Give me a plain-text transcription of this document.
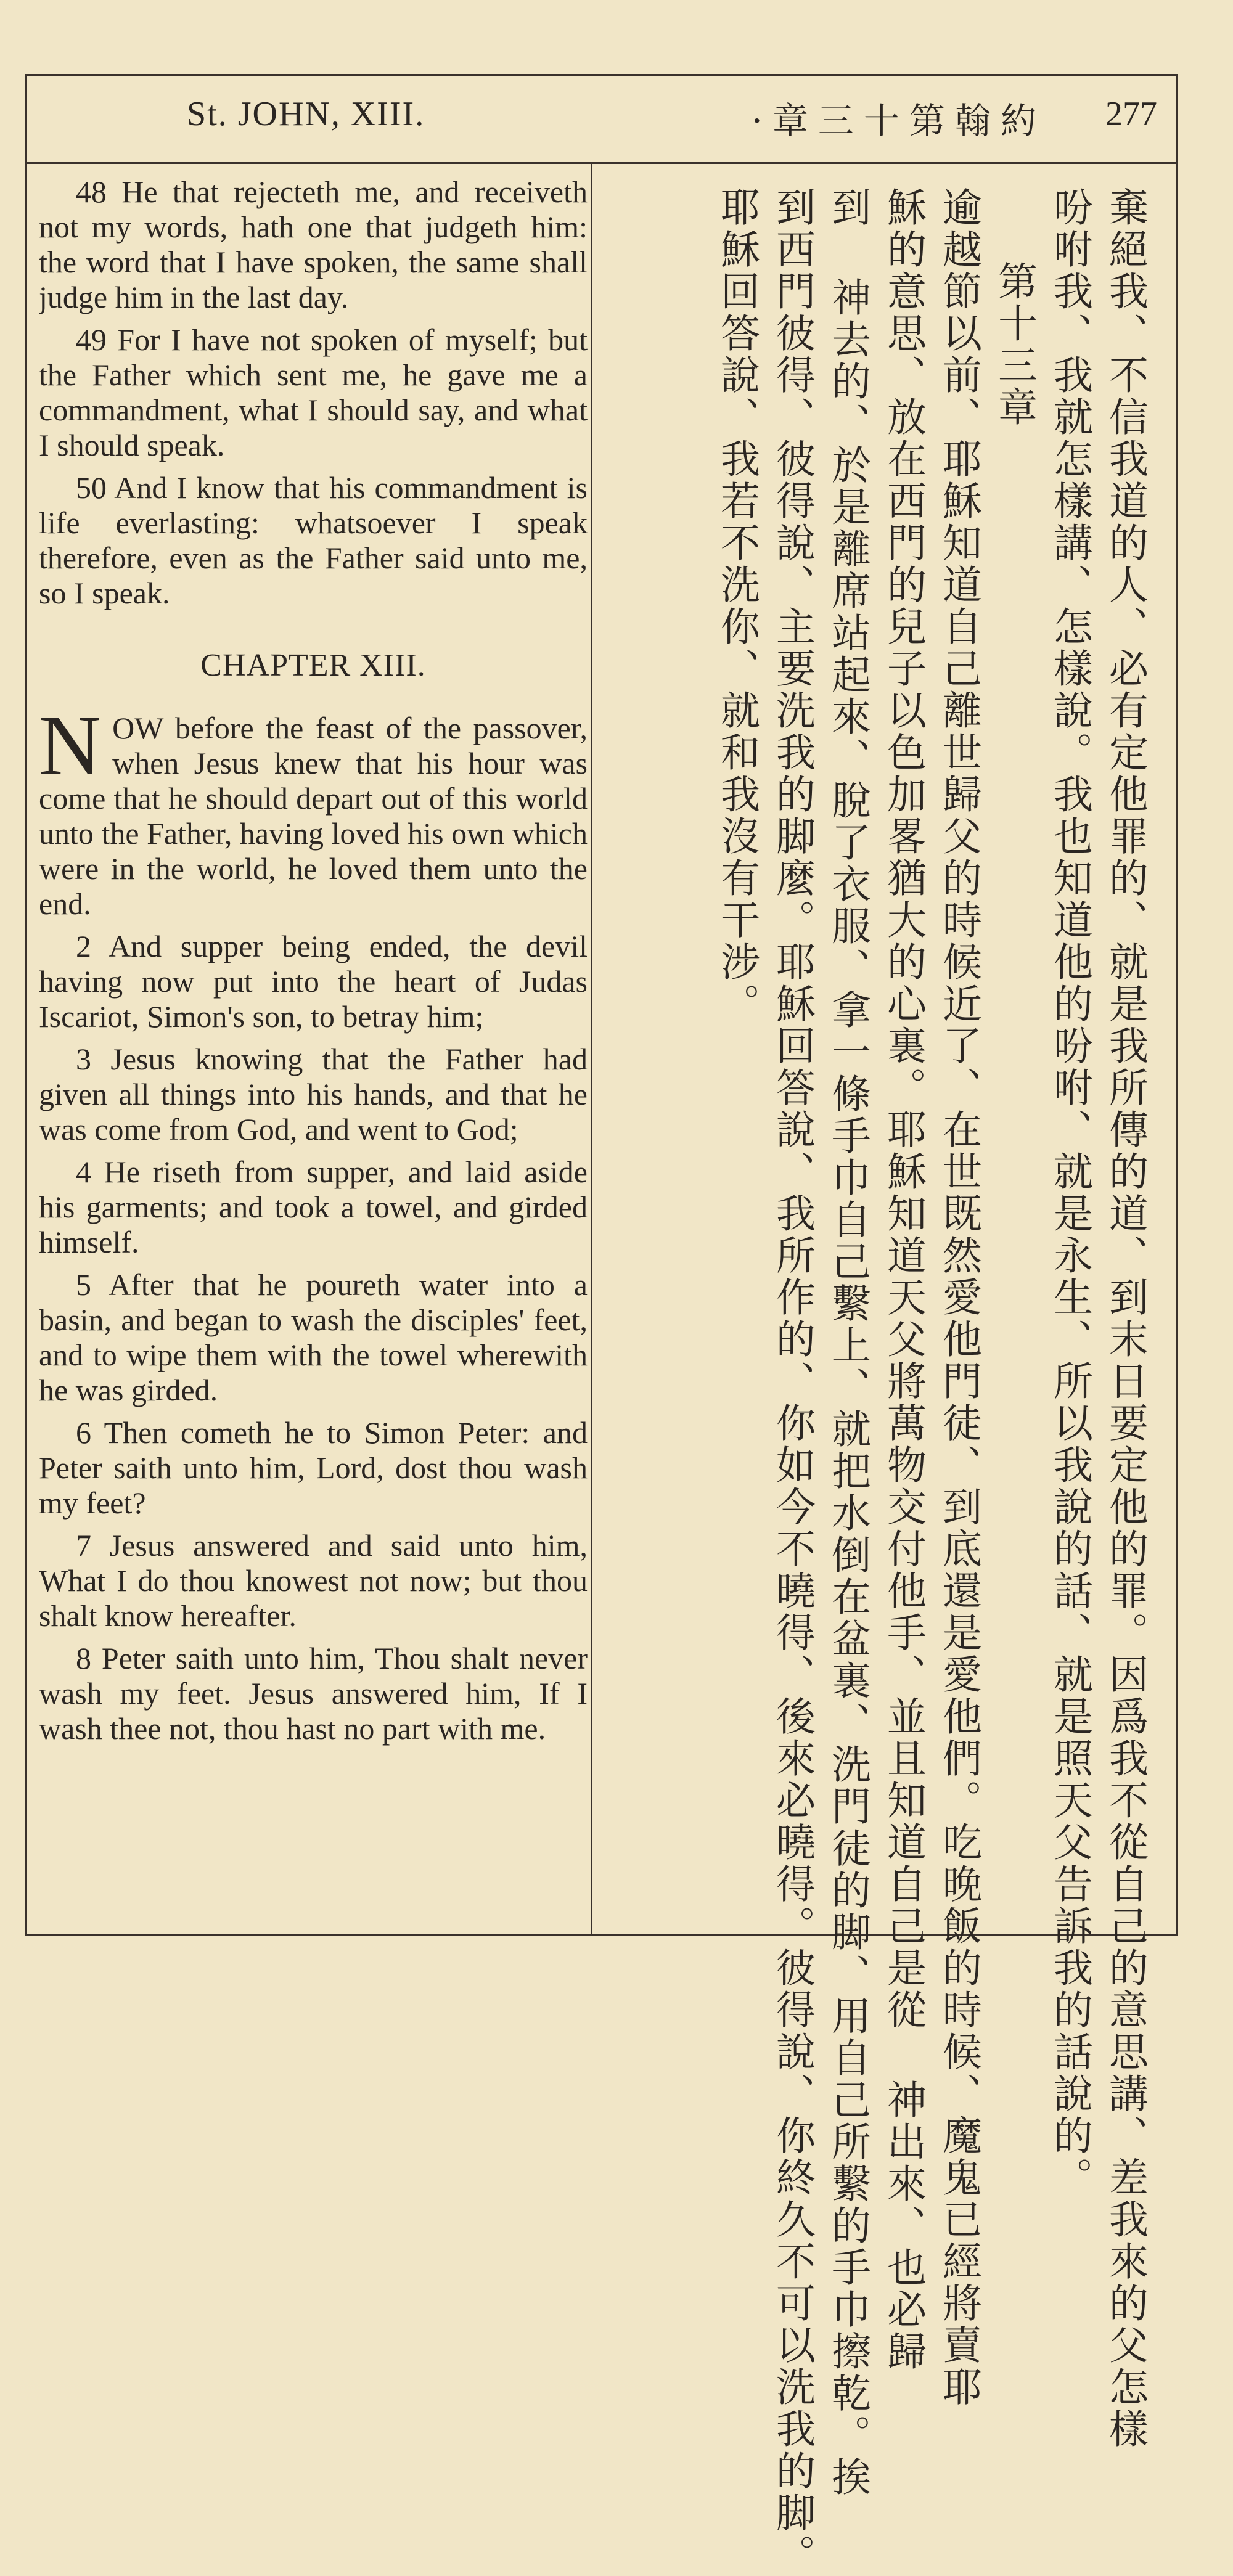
St. JOHN, XIII.	·章三十第翰約 277

48 He that rejecteth me, and receiveth not my words, hath one that judgeth him: the word that I have spoken, the same shall judge him in the last day.

49 For I have not spoken of myself; but the Father which sent me, he gave me a commandment, what I should say, and what I should speak.

50 And I know that his commandment is life everlasting: whatsoever I speak therefore, even as the Father said unto me, so I speak.

CHAPTER XIII.

NOW before the feast of the passover, when Jesus knew that his hour was come that he should depart out of this world unto the Father, having loved his own which were in the world, he loved them unto the end.

2 And supper being ended, the devil having now put into the heart of Judas Iscariot, Simon's son, to betray him;

3 Jesus knowing that the Father had given all things into his hands, and that he was come from God, and went to God;

4 He riseth from supper, and laid aside his garments; and took a towel, and girded himself.

5 After that he poureth water into a basin, and began to wash the disciples' feet, and to wipe them with the towel wherewith he was girded.

6 Then cometh he to Simon Peter: and Peter saith unto him, Lord, dost thou wash my feet?

7 Jesus answered and said unto him, What I do thou knowest not now; but thou shalt know hereafter.

8 Peter saith unto him, Thou shalt never wash my feet. Jesus answered him, If I wash thee not, thou hast no part with me.	棄絕我、不信我道的人、必有定他罪的、就是我所傳的道、到末日要定他的罪。因爲我不從自己的意思講、差我來的父怎樣
吩咐我、我就怎樣講、怎樣說。我也知道他的吩咐、就是永生、所以我說的話、就是照天父告訴我的話說的。
第十三章
逾越節以前、耶穌知道自己離世歸父的時候近了、在世既然愛他門徒、到底還是愛他們。吃晚飯的時候、魔鬼已經將賣耶
穌的意思、放在西門的兒子以色加畧猶大的心裏。耶穌知道天父將萬物交付他手、並且知道自己是從 神出來、也必歸
到 神去的、於是離席站起來、脫了衣服、拿一條手巾自己繫上、就把水倒在盆裏、洗門徒的脚、用自己所繫的手巾擦乾。挨
到西門彼得、彼得說、主要洗我的脚麼。耶穌回答說、我所作的、你如今不曉得、後來必曉得。彼得說、你終久不可以洗我的脚。
耶穌回答說、我若不洗你、就和我沒有干涉。
